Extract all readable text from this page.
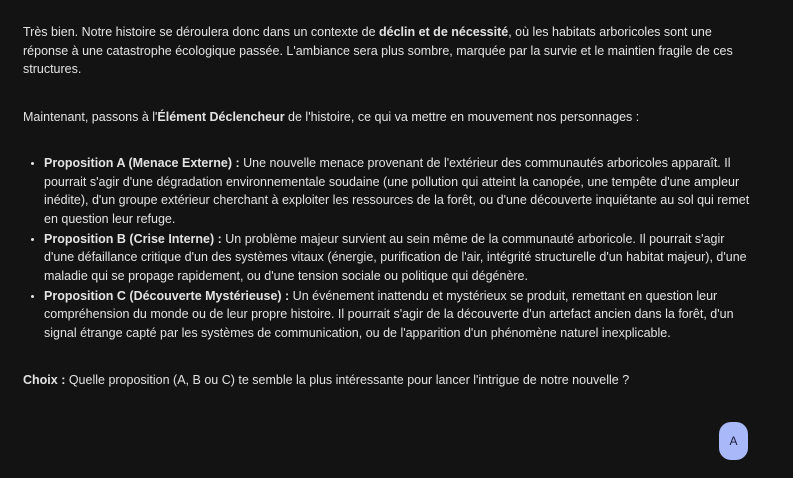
Très bien. Notre histoire se déroulera donc dans un contexte de déclin et de nécessité, où les habitats arboricoles sont une réponse à une catastrophe écologique passée. L'ambiance sera plus sombre, marquée par la survie et le maintien fragile de ces structures.

Maintenant, passons à l'Élément Déclencheur de l'histoire, ce qui va mettre en mouvement nos personnages :

• Proposition A (Menace Externe) : Une nouvelle menace provenant de l'extérieur des communautés arboricoles apparaît. Il pourrait s'agir d'une dégradation environnementale soudaine (une pollution qui atteint la canopée, une tempête d'une ampleur inédite), d'un groupe extérieur cherchant à exploiter les ressources de la forêt, ou d'une découverte inquiétante au sol qui remet en question leur refuge.
• Proposition B (Crise Interne) : Un problème majeur survient au sein même de la communauté arboricole. Il pourrait s'agir d'une défaillance critique d'un des systèmes vitaux (énergie, purification de l'air, intégrité structurelle d'un habitat majeur), d'une maladie qui se propage rapidement, ou d'une tension sociale ou politique qui dégénère.
• Proposition C (Découverte Mystérieuse) : Un événement inattendu et mystérieux se produit, remettant en question leur compréhension du monde ou de leur propre histoire. Il pourrait s'agir de la découverte d'un artefact ancien dans la forêt, d'un signal étrange capté par les systèmes de communication, ou de l'apparition d'un phénomène naturel inexplicable.

Choix : Quelle proposition (A, B ou C) te semble la plus intéressante pour lancer l'intrigue de notre nouvelle ?

A
